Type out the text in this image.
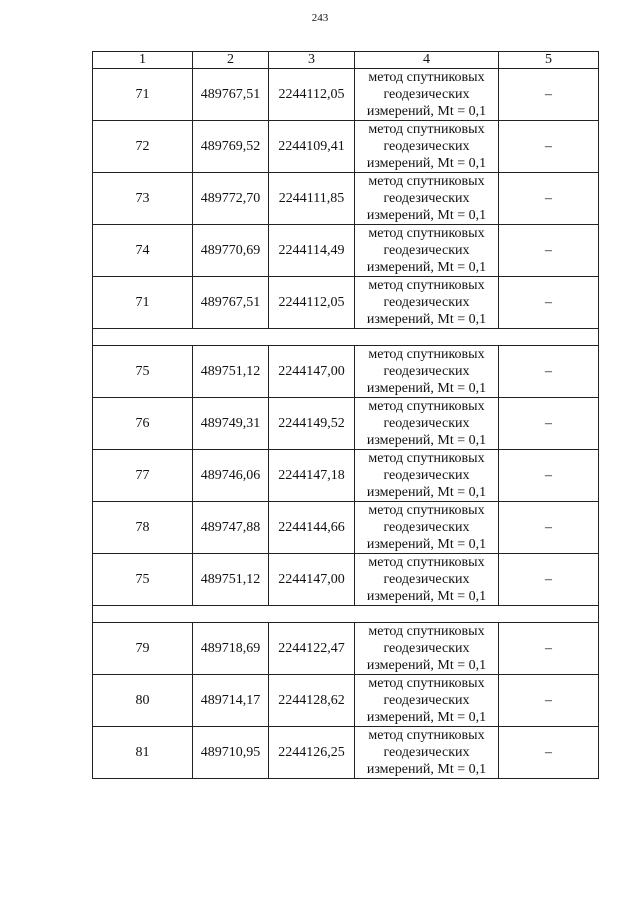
243
1	2	3	4	5
71	489767,51	2244112,05	метод спутниковых
геодезических
измерений, Mt = 0,1	–
72	489769,52	2244109,41	метод спутниковых
геодезических
измерений, Mt = 0,1	–
73	489772,70	2244111,85	метод спутниковых
геодезических
измерений, Mt = 0,1	–
74	489770,69	2244114,49	метод спутниковых
геодезических
измерений, Mt = 0,1	–
71	489767,51	2244112,05	метод спутниковых
геодезических
измерений, Mt = 0,1	–

75	489751,12	2244147,00	метод спутниковых
геодезических
измерений, Mt = 0,1	–
76	489749,31	2244149,52	метод спутниковых
геодезических
измерений, Mt = 0,1	–
77	489746,06	2244147,18	метод спутниковых
геодезических
измерений, Mt = 0,1	–
78	489747,88	2244144,66	метод спутниковых
геодезических
измерений, Mt = 0,1	–
75	489751,12	2244147,00	метод спутниковых
геодезических
измерений, Mt = 0,1	–

79	489718,69	2244122,47	метод спутниковых
геодезических
измерений, Mt = 0,1	–
80	489714,17	2244128,62	метод спутниковых
геодезических
измерений, Mt = 0,1	–
81	489710,95	2244126,25	метод спутниковых
геодезических
измерений, Mt = 0,1	–
